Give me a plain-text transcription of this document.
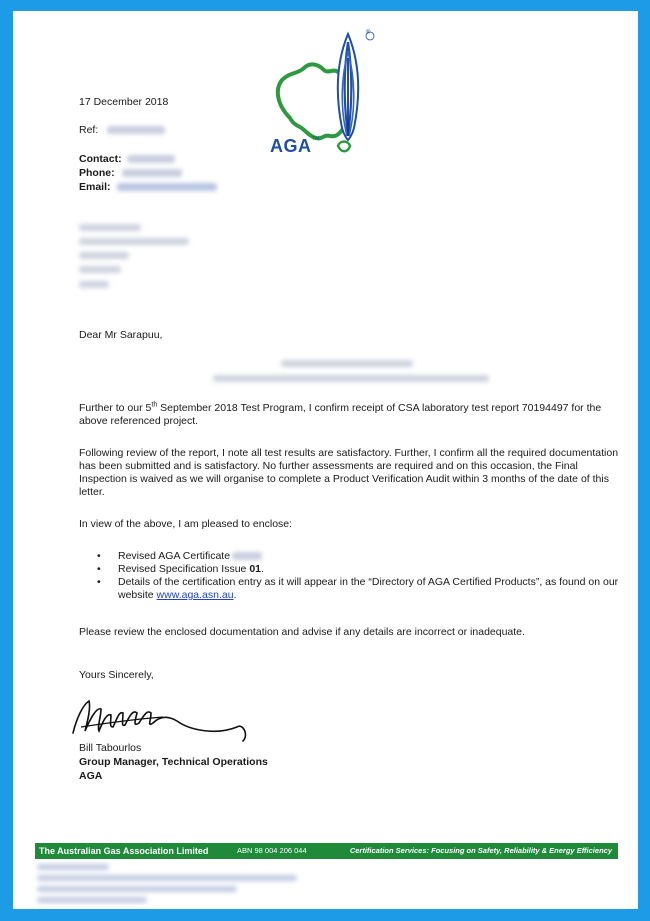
AGA TM
®
17 December 2018
Ref:
Contact:
Phone:
Email:
Dear Mr Sarapuu,
Further to our 5th September 2018 Test Program, I confirm receipt of CSA laboratory test report 70194497 for the above referenced project.
Following review of the report, I note all test results are satisfactory. Further, I confirm all the required documentation has been submitted and is satisfactory. No further assessments are required and on this occasion, the Final Inspection is waived as we will organise to complete a Product Verification Audit within 3 months of the date of this letter.
In view of the above, I am pleased to enclose:
• Revised AGA Certificate
• Revised Specification Issue 01.
• Details of the certification entry as it will appear in the “Directory of AGA Certified Products”, as found on our website www.aga.asn.au.
Please review the enclosed documentation and advise if any details are incorrect or inadequate.
Yours Sincerely,
Bill Tabourlos
Group Manager, Technical Operations
AGA
The Australian Gas Association Limited	ABN 98 004 206 044	Certification Services: Focusing on Safety, Reliability & Energy Efficiency
